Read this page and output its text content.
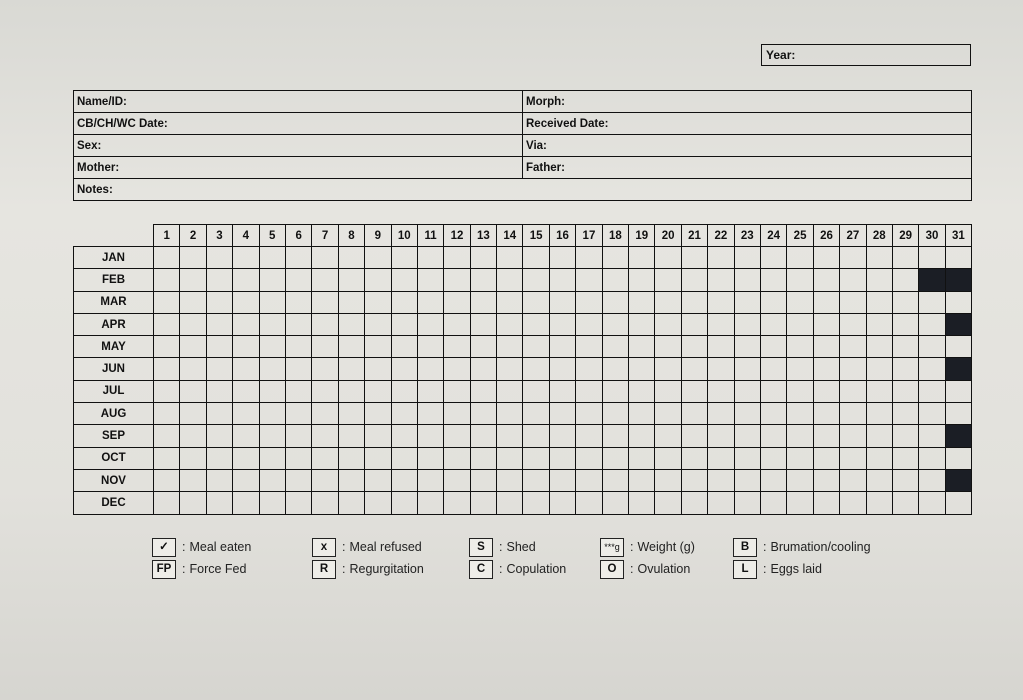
Year:
Name/ID:	Morph:
CB/CH/WC Date:	Received Date:
Sex:	Via:
Mother:	Father:
Notes:	
	1	2	3	4	5	6	7	8	9	10	11	12	13	14	15	16	17	18	19	20	21	22	23	24	25	26	27	28	29	30	31
JAN																															
FEB																															
MAR																															
APR																															
MAY																															
JUN																															
JUL																															
AUG																															
SEP																															
OCT																															
NOV																															
DEC																															
✓	: Meal eaten
FP : Force Fed
x	: Meal refused
R	: Regurgitation
S	: Shed
C	: Copulation
***g : Weight (g)
O	: Ovulation
B	: Brumation/cooling
L	: Eggs laid
